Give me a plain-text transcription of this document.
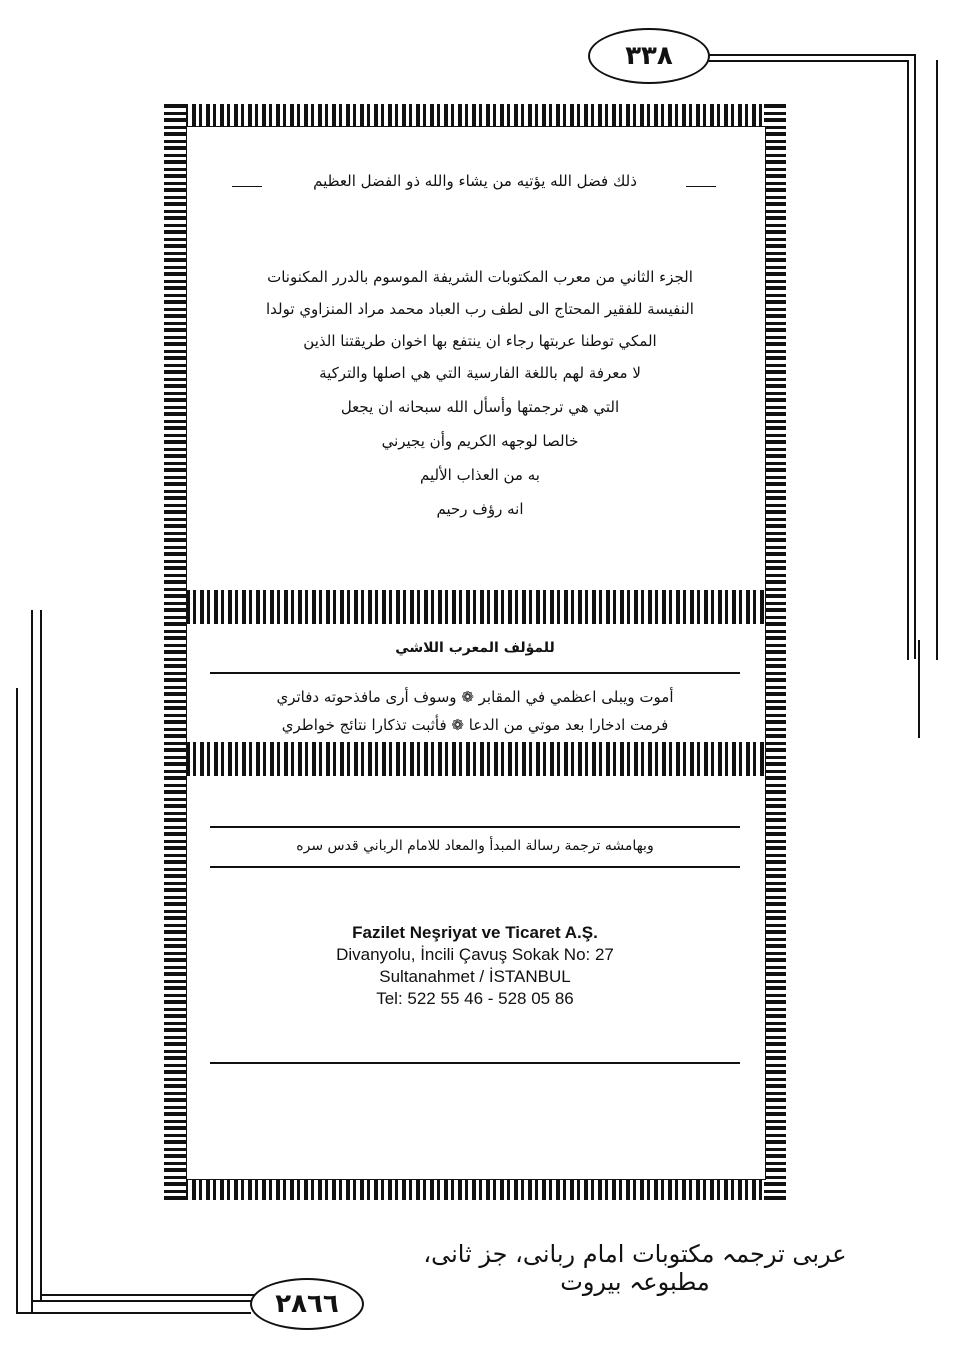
٣٣٨
٢٨٦٦
ذلك فضل الله يؤتيه من يشاء والله ذو الفضل العظيم
الجزء الثاني من معرب المكتوبات الشريفة الموسوم بالدرر المكنونات
النفيسة للفقير المحتاج الى لطف رب العباد محمد مراد المنزاوي تولدا
المكي توطنا عربتها رجاء ان ينتفع بها اخوان طريقتنا الذين
لا معرفة لهم باللغة الفارسية التي هي اصلها والتركية
التي هي ترجمتها وأسأل الله سبحانه ان يجعل
خالصا لوجهه الكريم وأن يجيرني
به من العذاب الأليم
انه رؤف رحيم
للمؤلف المعرب اللاشي
أموت ويبلى اعظمي في المقابر ❁ وسوف أرى مافذحوته دفاتري
فرمت ادخارا بعد موتي من الدعا ❁ فأثبت تذكارا نتائج خواطري
وبهامشه ترجمة رسالة المبدأ والمعاد للامام الرباني قدس سره
Fazilet Neşriyat ve Ticaret A.Ş.
Divanyolu, İncili Çavuş Sokak No: 27
Sultanahmet / İSTANBUL
Tel: 522 55 46 - 528 05 86
عربی ترجمہ مکتوبات امام ربانی، جز ثانی، مطبوعہ بیروت
